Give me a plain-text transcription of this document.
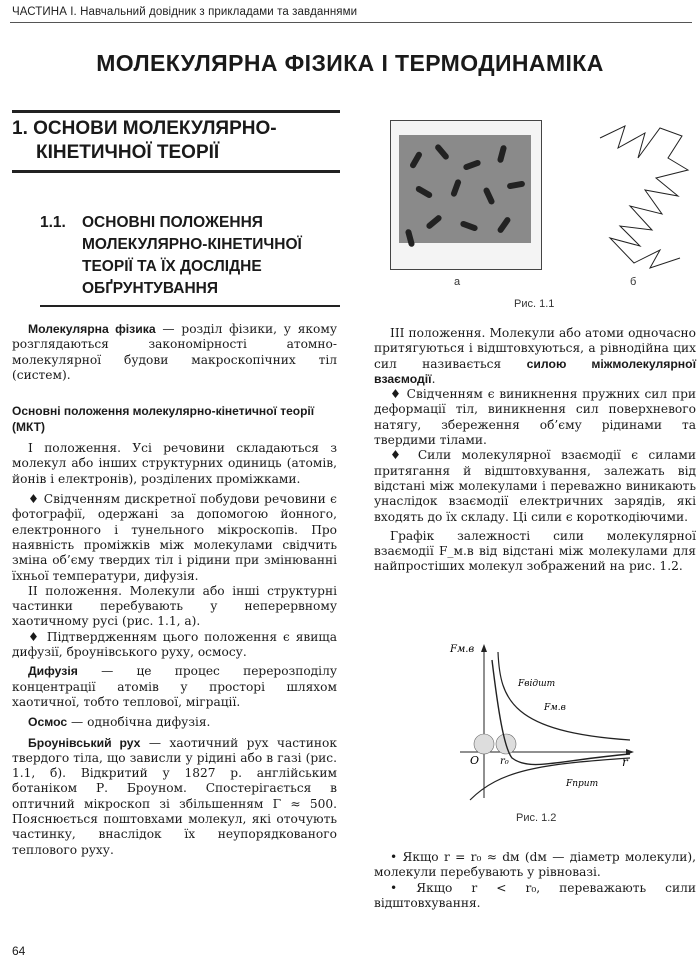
ЧАСТИНА І. Навчальний довідник з прикладами та завданнями
МОЛЕКУЛЯРНА ФІЗИКА І ТЕРМОДИНАМІКА
1. ОСНОВИ МОЛЕКУЛЯРНО-
КІНЕТИЧНОЇ ТЕОРІЇ
1.1.	ОСНОВНІ ПОЛОЖЕННЯ
МОЛЕКУЛЯРНО-КІНЕТИЧНОЇ
ТЕОРІЇ ТА ЇХ ДОСЛІДНЕ
ОБҐРУНТУВАННЯ

Молекулярна фізика — розділ фізики, у якому розглядаються закономірності атомно-молекулярної будови макроскопічних тіл (систем).

Основні положення молекулярно-кінетичної теорії (МКТ)

І положення. Усі речовини складаються з молекул або інших структурних одиниць (атомів, йонів і електронів), розділених проміжками.

♦ Свідченням дискретної побудови речовини є фотографії, одержані за допомогою йонного, електронного і тунельного мікроскопів. Про наявність проміжків між молекулами свідчить зміна об’єму твердих тіл і рідини при змінюванні їхньої температури, дифузія.

ІІ положення. Молекули або інші структурні частинки перебувають у неперервному хаотичному русі (рис. 1.1, а).

♦ Підтвердженням цього положення є явища дифузії, броунівського руху, осмосу.

Дифузія — це процес перерозподілу концентрації атомів у просторі шляхом хаотичної, тобто теплової, міграції.

Осмос — однобічна дифузія.

Броунівський рух — хаотичний рух частинок твердого тіла, що зависли у рідині або в газі (рис. 1.1, б). Відкритий у 1827 р. англійським ботаніком Р. Броуном. Спостерігається в оптичний мікроскоп зі збільшенням Γ ≈ 500. Пояснюється поштовхами молекул, які оточують частинку, внаслідок їх неупорядкованого теплового руху.

а	б
Рис. 1.1

ІІІ положення. Молекули або атоми одночасно притягуються і відштовхуються, а рівнодійна цих сил називається силою міжмолекулярної взаємодії.

♦ Свідченням є виникнення пружних сил при деформації тіл, виникнення сил поверхневого натягу, збереження об’єму рідинами та твердими тілами.

♦ Сили молекулярної взаємодії є силами притягання й відштовхування, залежать від відстані між молекулами і переважно виникають унаслідок взаємодії електричних зарядів, які входять до їх складу. Ці сили є короткодіючими.

Графік залежності сили молекулярної взаємодії F_м.в від відстані між молекулами для найпростіших молекул зображений на рис. 1.2.

Fм.в
r
O r₀
Fвідшт
Fм.в
Fприт
Рис. 1.2

• Якщо r = r₀ ≈ dм (dм — діаметр молекули), молекули перебувають у рівновазі.

• Якщо r < r₀, переважають сили відштовхування.

64
